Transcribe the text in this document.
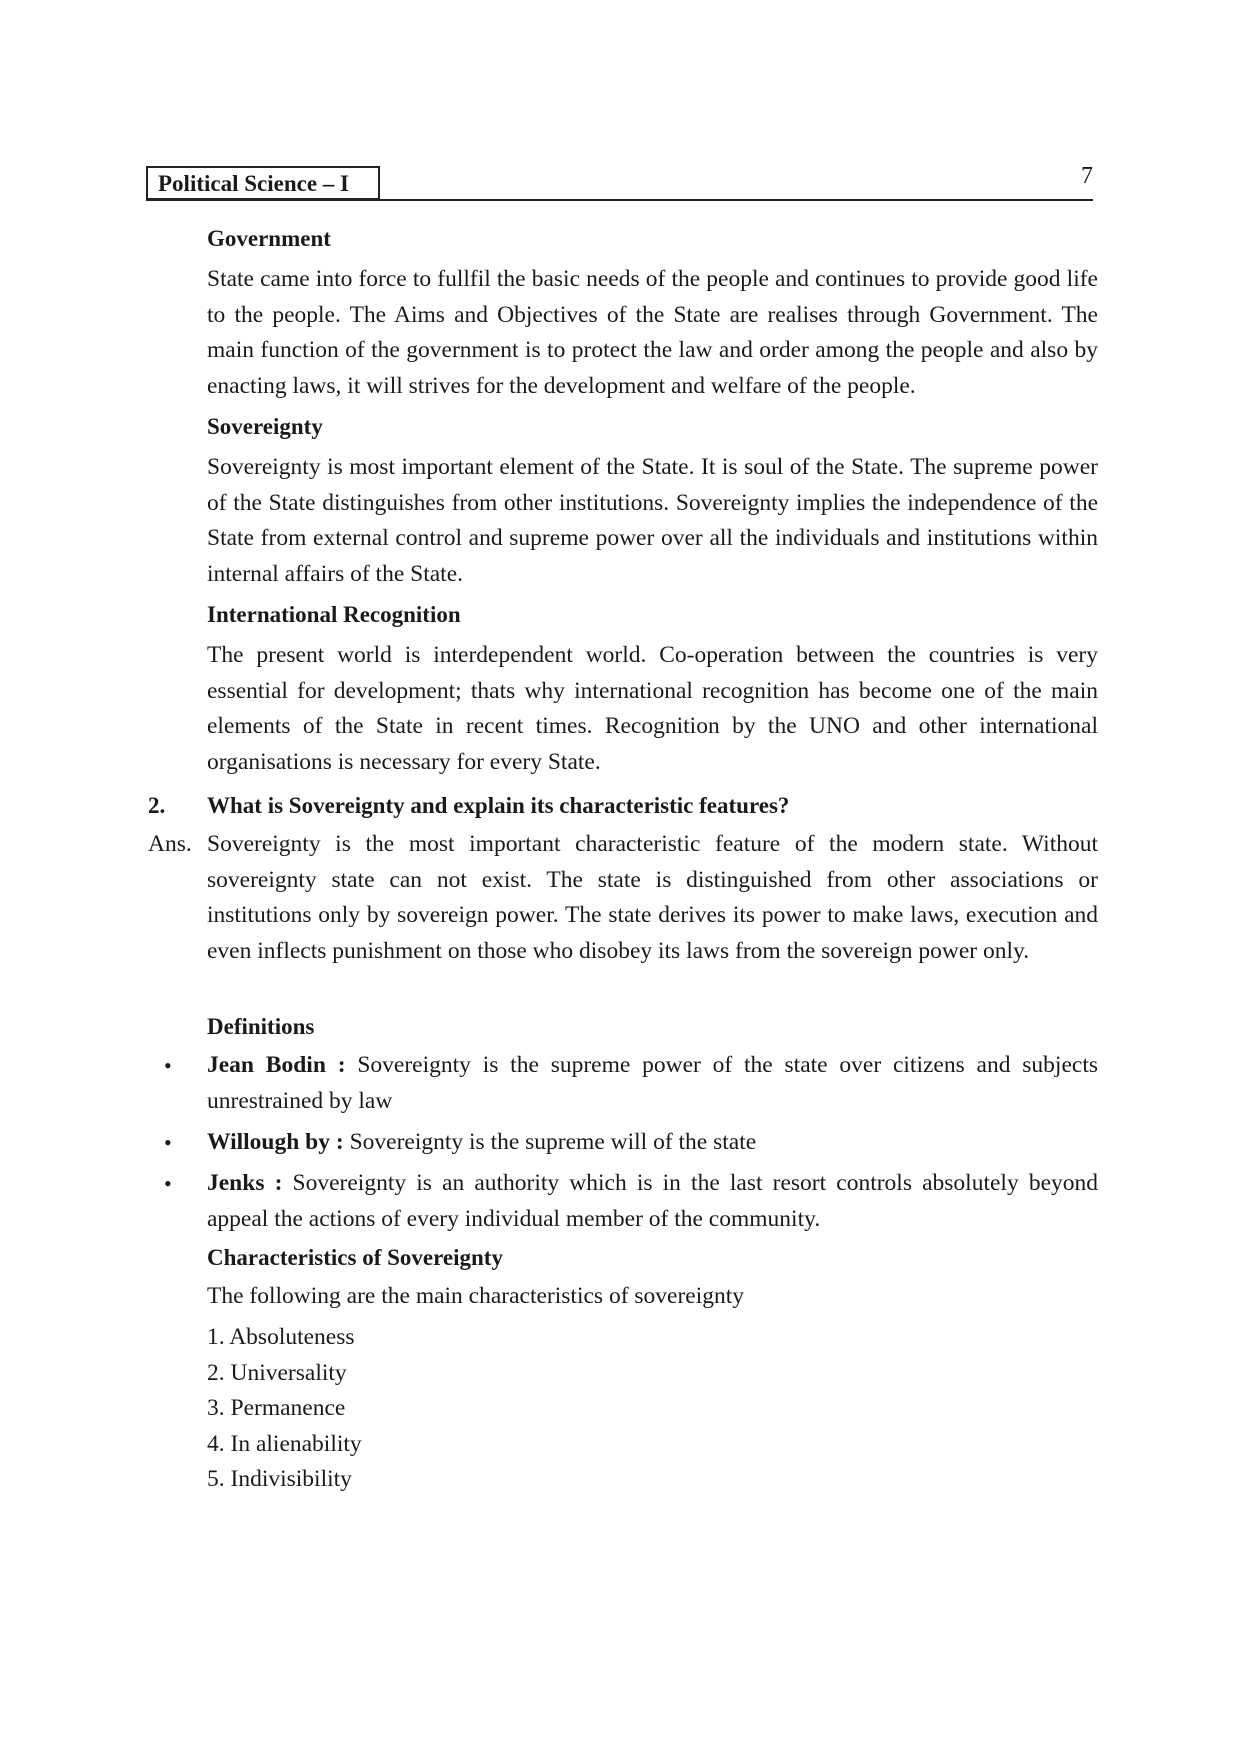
Political Science – I	7
Government
State came into force to fullfil the basic needs of the people and continues to provide good life to the people. The Aims and Objectives of the State are realises through Government. The main function of the government is to protect the law and order among the people and also by enacting laws, it will strives for the development and welfare of the people.
Sovereignty
Sovereignty is most important element of the State. It is soul of the State. The supreme power of the State distinguishes from other institutions. Sovereignty implies the independence of the State from external control and supreme power over all the individuals and institutions within internal affairs of the State.
International Recognition
The present world is interdependent world. Co-operation between the countries is very essential for development; thats why international recognition has become one of the main elements of the State in recent times. Recognition by the UNO and other international organisations is necessary for every State.
2. What is Sovereignty and explain its characteristic features?
Ans. Sovereignty is the most important characteristic feature of the modern state. Without sovereignty state can not exist. The state is distinguished from other associations or institutions only by sovereign power. The state derives its power to make laws, execution and even inflects punishment on those who disobey its laws from the sovereign power only.
Definitions
• Jean Bodin : Sovereignty is the supreme power of the state over citizens and subjects unrestrained by law
• Willough by : Sovereignty is the supreme will of the state
• Jenks : Sovereignty is an authority which is in the last resort controls absolutely beyond appeal the actions of every individual member of the community.
Characteristics of Sovereignty
The following are the main characteristics of sovereignty
1. Absoluteness
2. Universality
3. Permanence
4. In alienability
5. Indivisibility
